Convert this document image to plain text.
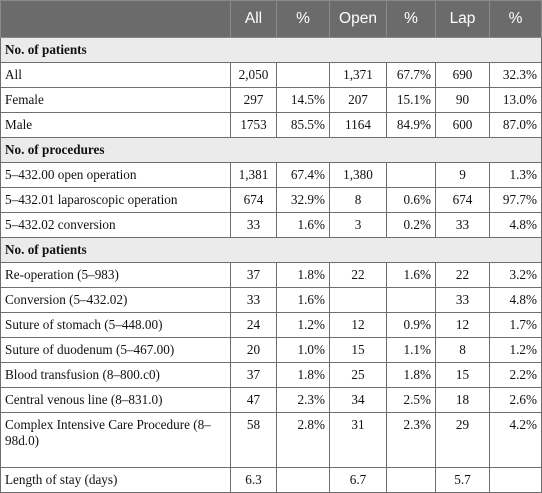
	All	%	Open	%	Lap	%
No. of patients						
All	2,050		1,371	67.7%	690	32.3%
Female	297	14.5%	207	15.1%	90	13.0%
Male	1753	85.5%	1164	84.9%	600	87.0%
No. of procedures						
5–432.00 open operation	1,381	67.4%	1,380		9	1.3%
5–432.01 laparoscopic operation	674	32.9%	8	0.6%	674	97.7%
5–432.02 conversion	33	1.6%	3	0.2%	33	4.8%
No. of patients						
Re-operation (5–983)	37	1.8%	22	1.6%	22	3.2%
Conversion (5–432.02)	33	1.6%			33	4.8%
Suture of stomach (5–448.00)	24	1.2%	12	0.9%	12	1.7%
Suture of duodenum (5–467.00)	20	1.0%	15	1.1%	8	1.2%
Blood transfusion (8–800.c0)	37	1.8%	25	1.8%	15	2.2%
Central venous line (8–831.0)	47	2.3%	34	2.5%	18	2.6%
Complex Intensive Care Procedure (8–98d.0)	58	2.8%	31	2.3%	29	4.2%
Length of stay (days)	6.3		6.7		5.7	
